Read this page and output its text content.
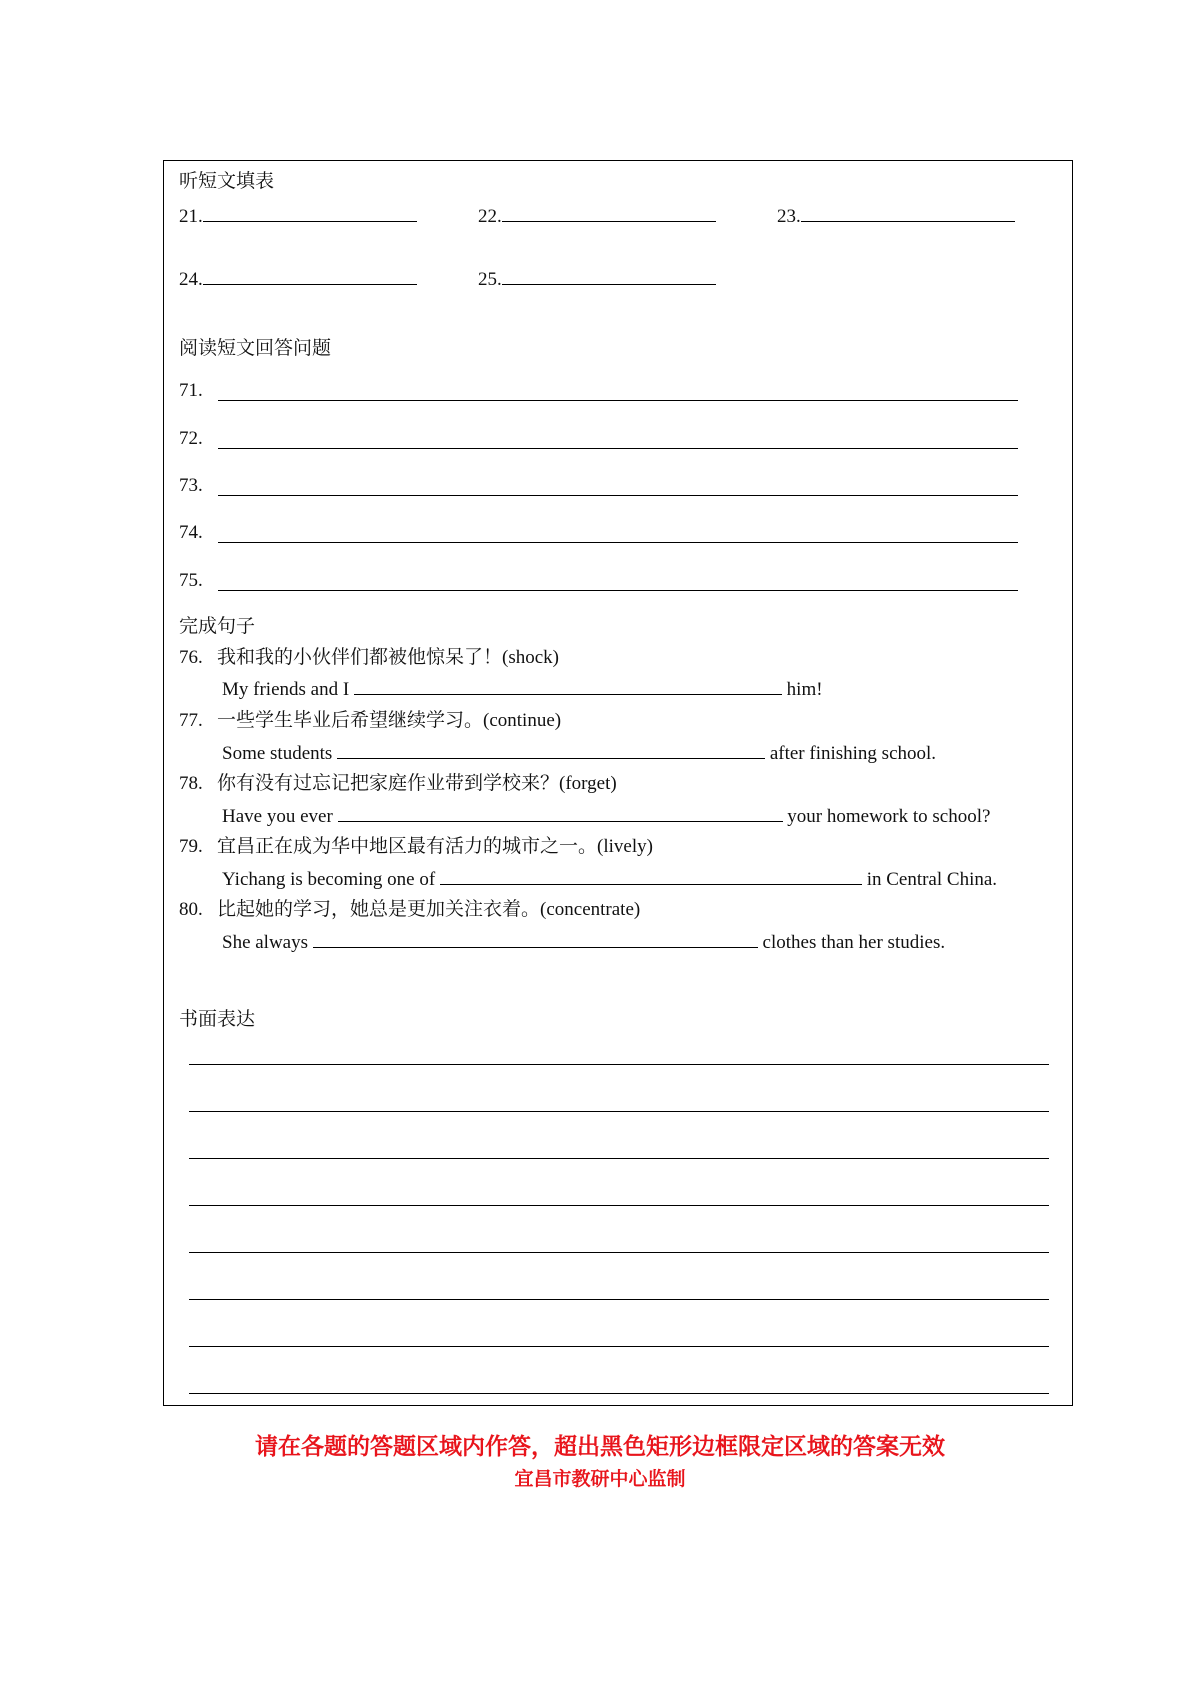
听短文填表
21.	22.	23.
24.	25.
阅读短文回答问题
71.
72.
73.
74.
75.
完成句子
76. 我和我的小伙伴们都被他惊呆了！(shock)
My friends and I	him!
77. 一些学生毕业后希望继续学习。(continue)
Some students	after finishing school.
78. 你有没有过忘记把家庭作业带到学校来？(forget)
Have you ever	your homework to school?
79. 宜昌正在成为华中地区最有活力的城市之一。(lively)
Yichang is becoming one of	in Central China.
80. 比起她的学习，她总是更加关注衣着。(concentrate)
She always	clothes than her studies.
书面表达
请在各题的答题区域内作答，超出黑色矩形边框限定区域的答案无效
宜昌市教研中心监制
